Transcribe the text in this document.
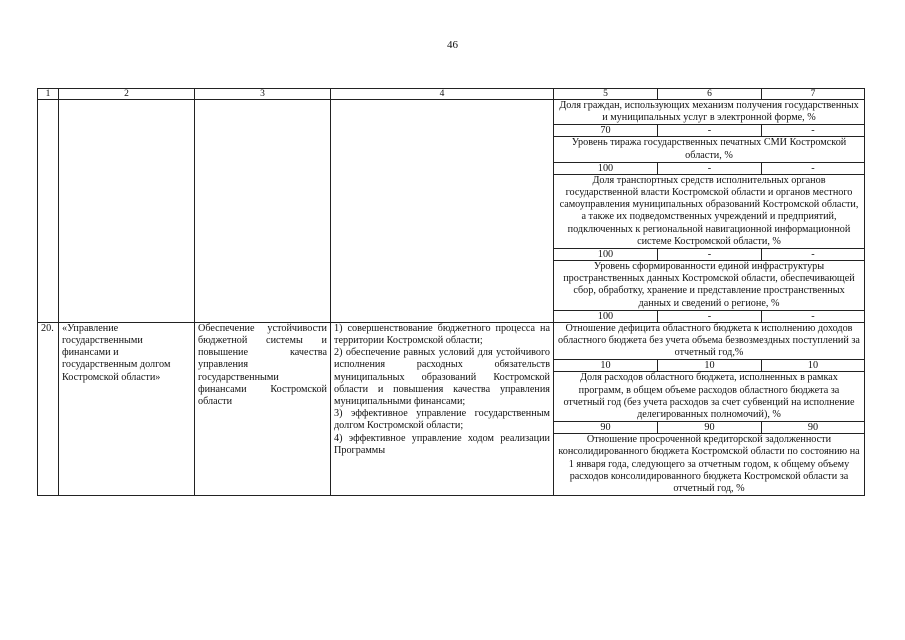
46
1	2	3	4	5	6	7
				Доля граждан, использующих механизм получения государственных и муниципальных услуг в электронной форме, %		
				70	-	-
				Уровень тиража государственных печатных СМИ Костромской области, %		
				100	-	-
				Доля транспортных средств исполнительных органов государственной власти Костромской области и органов местного самоуправления муниципальных образований Костромской области, а также их подведомственных учреждений и предприятий, подключенных к региональной навигационной информационной системе Костромской области, %		
				100	-	-
				Уровень сформированности единой инфраструктуры пространственных данных Костромской области, обеспечивающей сбор, обработку, хранение и представление пространственных данных и сведений о регионе, %		
				100	-	-
20.	«Управление государственными финансами и государственным долгом Костромской области»	Обеспечение устойчивости бюджетной системы и повышение качества управления государственными финансами Костромской области	1) совершенствование бюджетного процесса на территории Костромской области;
2) обеспечение равных условий для устойчивого исполнения расходных обязательств муниципальных образований Костромской области и повышения качества управления муниципальными финансами;
3) эффективное управление государственным долгом Костромской области;
4) эффективное управление ходом реализации Программы	Отношение дефицита областного бюджета к исполнению доходов областного бюджета без учета объема безвозмездных поступлений за отчетный год,%		
				10	10	10
				Доля расходов областного бюджета, исполненных в рамках программ, в общем объеме расходов областного бюджета за отчетный год (без учета расходов за счет субвенций на исполнение делегированных полномочий), %		
				90	90	90
				Отношение просроченной кредиторской задолженности консолидированного бюджета Костромской области по состоянию на 1 января года, следующего за отчетным годом, к общему объему расходов консолидированного бюджета Костромской области за отчетный год, %		
